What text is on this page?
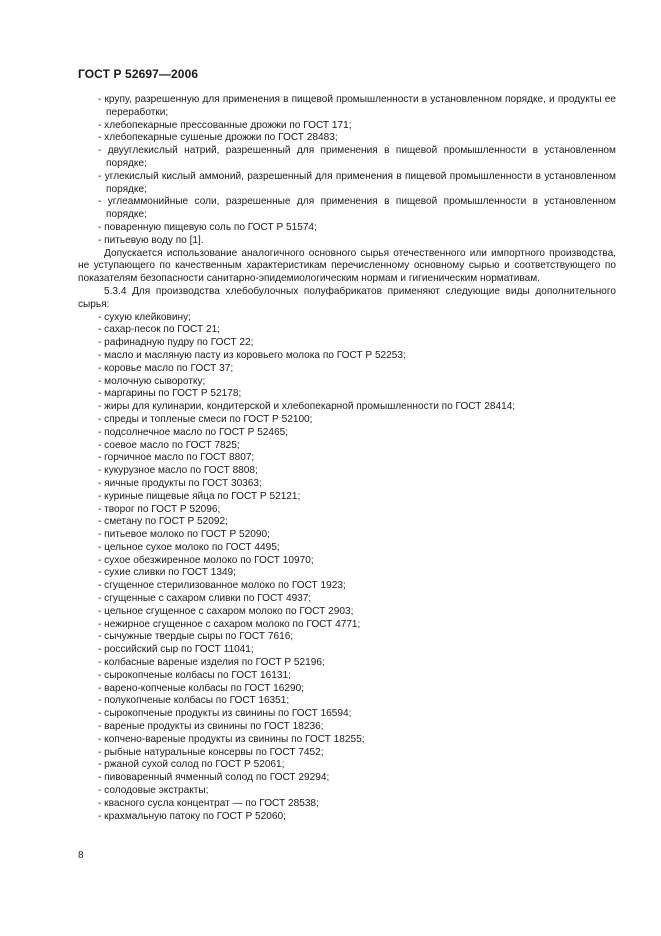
ГОСТ Р 52697—2006

- крупу, разрешенную для применения в пищевой промышленности в установленном порядке, и продукты ее переработки;

- хлебопекарные прессованные дрожжи по ГОСТ 171;

- хлебопекарные сушеные дрожжи по ГОСТ 28483;

- двууглекислый натрий, разрешенный для применения в пищевой промышленности в установленном порядке;

- углекислый кислый аммоний, разрешенный для применения в пищевой промышленности в установленном порядке;

- углеаммонийные соли, разрешенные для применения в пищевой промышленности в установленном порядке;

- поваренную пищевую соль по ГОСТ Р 51574;

- питьевую воду по [1].

Допускается использование аналогичного основного сырья отечественного или импортного производства, не уступающего по качественным характеристикам перечисленному основному сырью и соответствующего по показателям безопасности санитарно-эпидемиологическим нормам и гигиеническим нормативам.

5.3.4 Для производства хлебобулочных полуфабрикатов применяют следующие виды дополнительного сырья:

- сухую клейковину;

- сахар-песок по ГОСТ 21;

- рафинадную пудру по ГОСТ 22;

- масло и масляную пасту из коровьего молока по ГОСТ Р 52253;

- коровье масло по ГОСТ 37;

- молочную сыворотку;

- маргарины по ГОСТ Р 52178;

- жиры для кулинарии, кондитерской и хлебопекарной промышленности по ГОСТ 28414;

- спреды и топленые смеси по ГОСТ Р 52100;

- подсолнечное масло по ГОСТ Р 52465;

- соевое масло по ГОСТ 7825;

- горчичное масло по ГОСТ 8807;

- кукурузное масло по ГОСТ 8808;

- яичные продукты по ГОСТ 30363;

- куриные пищевые яйца по ГОСТ Р 52121;

- творог по ГОСТ Р 52096;

- сметану по ГОСТ Р 52092;

- питьевое молоко по ГОСТ Р 52090;

- цельное сухое молоко по ГОСТ 4495;

- сухое обезжиренное молоко по ГОСТ 10970;

- сухие сливки по ГОСТ 1349;

- сгущенное стерилизованное молоко по ГОСТ 1923;

- сгущенные с сахаром сливки по ГОСТ 4937;

- цельное сгущенное с сахаром молоко по ГОСТ 2903;

- нежирное сгущенное с сахаром молоко по ГОСТ 4771;

- сычужные твердые сыры по ГОСТ 7616;

- российский сыр по ГОСТ 11041;

- колбасные вареные изделия по ГОСТ Р 52196;

- сырокопченые колбасы по ГОСТ 16131;

- варено-копченые колбасы по ГОСТ 16290;

- полукопченые колбасы по ГОСТ 16351;

- сырокопченые продукты из свинины по ГОСТ 16594;

- вареные продукты из свинины по ГОСТ 18236;

- копчено-вареные продукты из свинины по ГОСТ 18255;

- рыбные натуральные консервы по ГОСТ 7452;

- ржаной сухой солод по ГОСТ Р 52061;

- пивоваренный ячменный солод по ГОСТ 29294;

- солодовые экстракты;

- квасного сусла концентрат — по ГОСТ 28538;

- крахмальную патоку по ГОСТ Р 52060;

8
